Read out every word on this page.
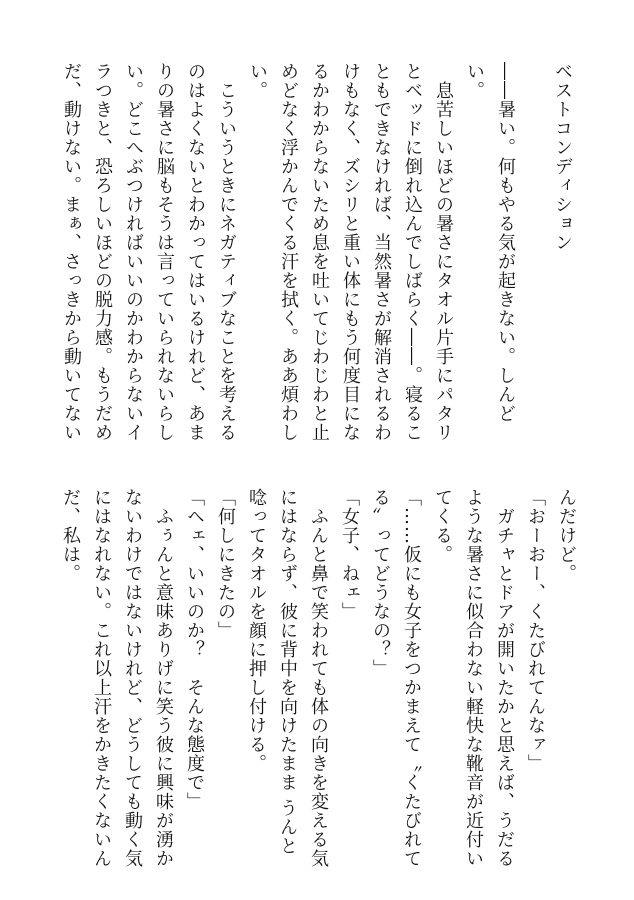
ベストコンディション
――暑い。何もやる気が起きない。しんど
い。
　息苦しいほどの暑さにタオル片手にパタリ
とベッドに倒れ込んでしばらく――。寝るこ
ともできなければ、当然暑さが解消されるわ
けもなく、ズシリと重い体にもう何度目にな
るかわからないため息を吐いてじわじわと止
めどなく浮かんでくる汗を拭く。ああ煩わし
い。
　こういうときにネガティブなことを考える
のはよくないとわかってはいるけれど、あま
りの暑さに脳もそうは言っていられないらし
い。どこへぶつければいいのかわからないイ
ラつきと、恐ろしいほどの脱力感。もうだめ
だ、動けない。まぁ、さっきから動いてない
んだけど。
「おーおー、くたびれてんなァ」
　ガチャとドアが開いたかと思えば、うだる
ような暑さに似合わない軽快な靴音が近付い
てくる。
「……仮にも女子をつかまえて〝くたびれて
る〟ってどうなの？」
「女子、ねェ」
　ふんと鼻で笑われても体の向きを変える気
にはならず、彼に背中を向けたまま うんと
唸ってタオルを顔に押し付ける。
「何しにきたの」
「ヘェ、いいのか？　そんな態度で」
　ふぅんと意味ありげに笑う彼に興味が湧か
ないわけではないけれど、どうしても動く気
にはなれない。これ以上汗をかきたくないん
だ、私は。
